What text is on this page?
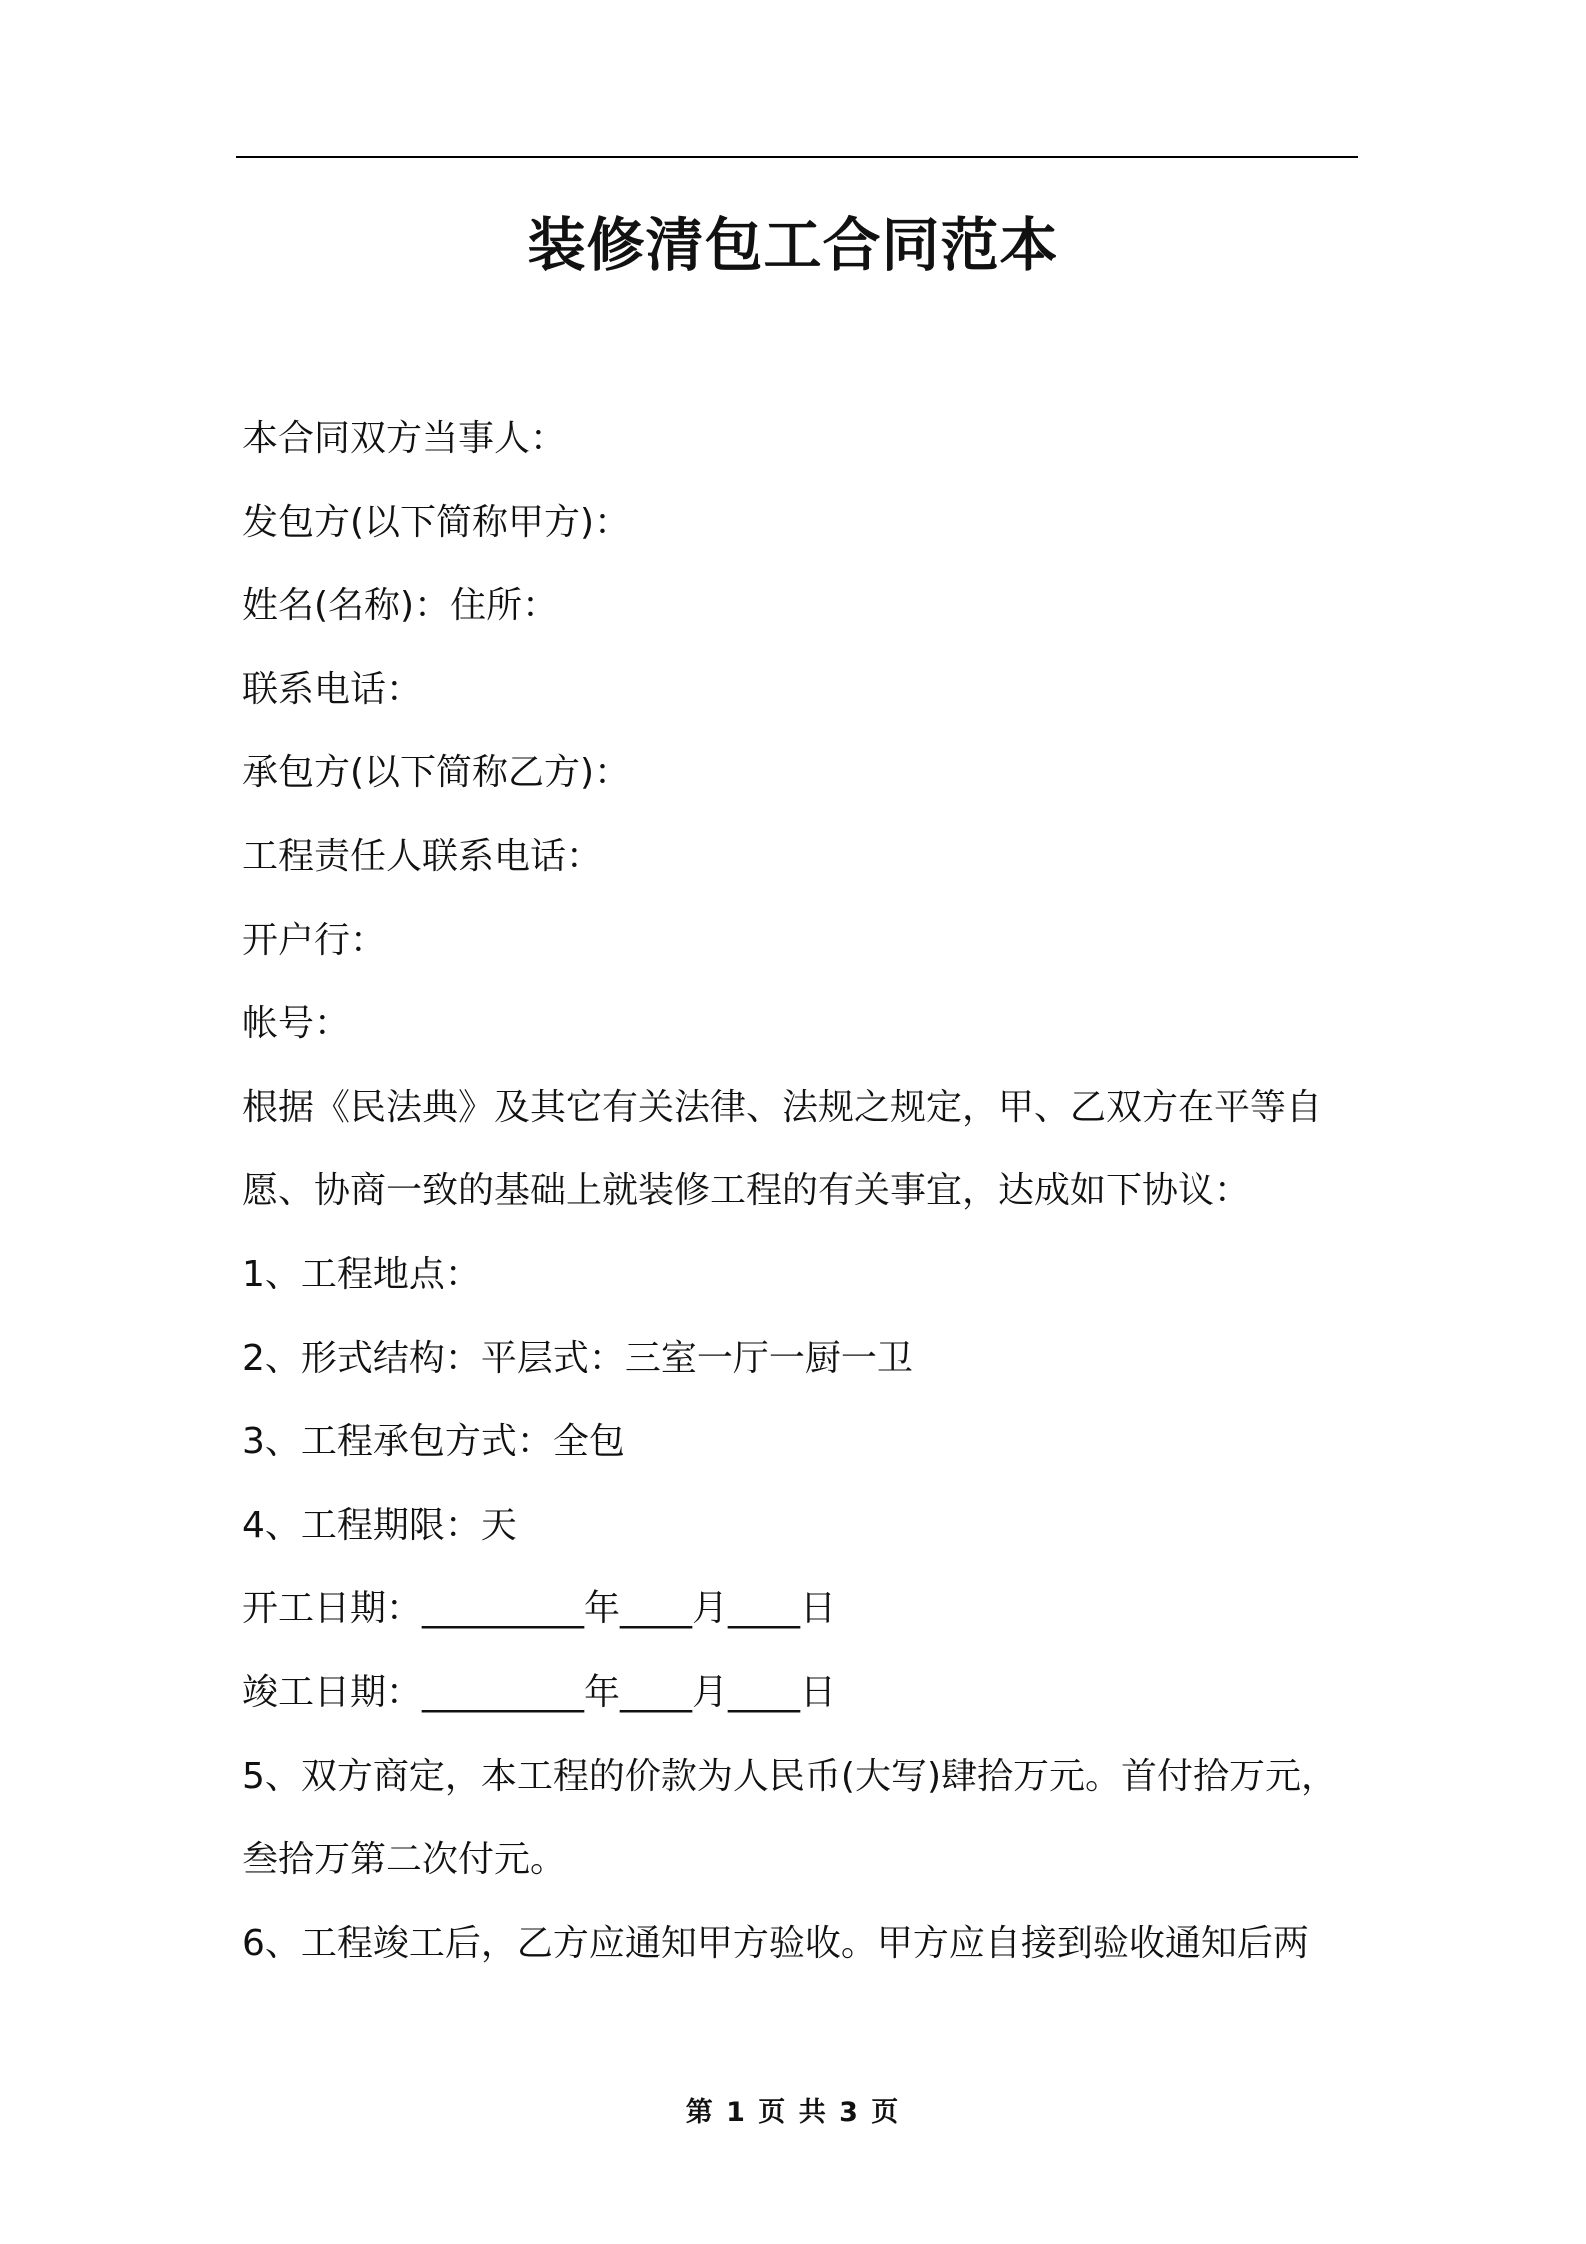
装修清包工合同范本
本合同双方当事人：
发包方(以下简称甲方)：
姓名(名称)：住所：
联系电话：
承包方(以下简称乙方)：
工程责任人联系电话：
开户行：
帐号：
根据《民法典》及其它有关法律、法规之规定，甲、乙双方在平等自
愿、协商一致的基础上就装修工程的有关事宜，达成如下协议：
1、工程地点：
2、形式结构：平层式：三室一厅一厨一卫
3、工程承包方式：全包
4、工程期限：天
开工日期：_________年____月____日
竣工日期：_________年____月____日
5、双方商定，本工程的价款为人民币(大写)肆拾万元。首付拾万元，
叁拾万第二次付元。
6、工程竣工后，乙方应通知甲方验收。甲方应自接到验收通知后两
第 1 页 共 3 页
